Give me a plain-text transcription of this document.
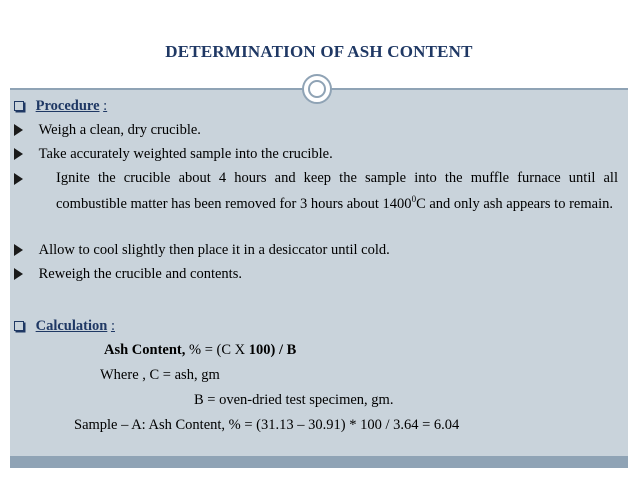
DETERMINATION OF ASH CONTENT
Procedure :
Weigh a clean, dry crucible.
Take accurately weighted sample into the crucible.
Ignite the crucible about 4 hours and keep the sample into the muffle furnace until all combustible matter has been removed for 3 hours about 1400$^0$C and only ash appears to remain.
Allow to cool slightly then place it in a desiccator until cold.
Reweigh the crucible and contents.
Calculation :
Ash Content, % = (C X 100) / B
Where , C = ash, gm
B = oven-dried test specimen, gm.
Sample – A: Ash Content, % = (31.13 – 30.91) * 100 / 3.64 = 6.04
